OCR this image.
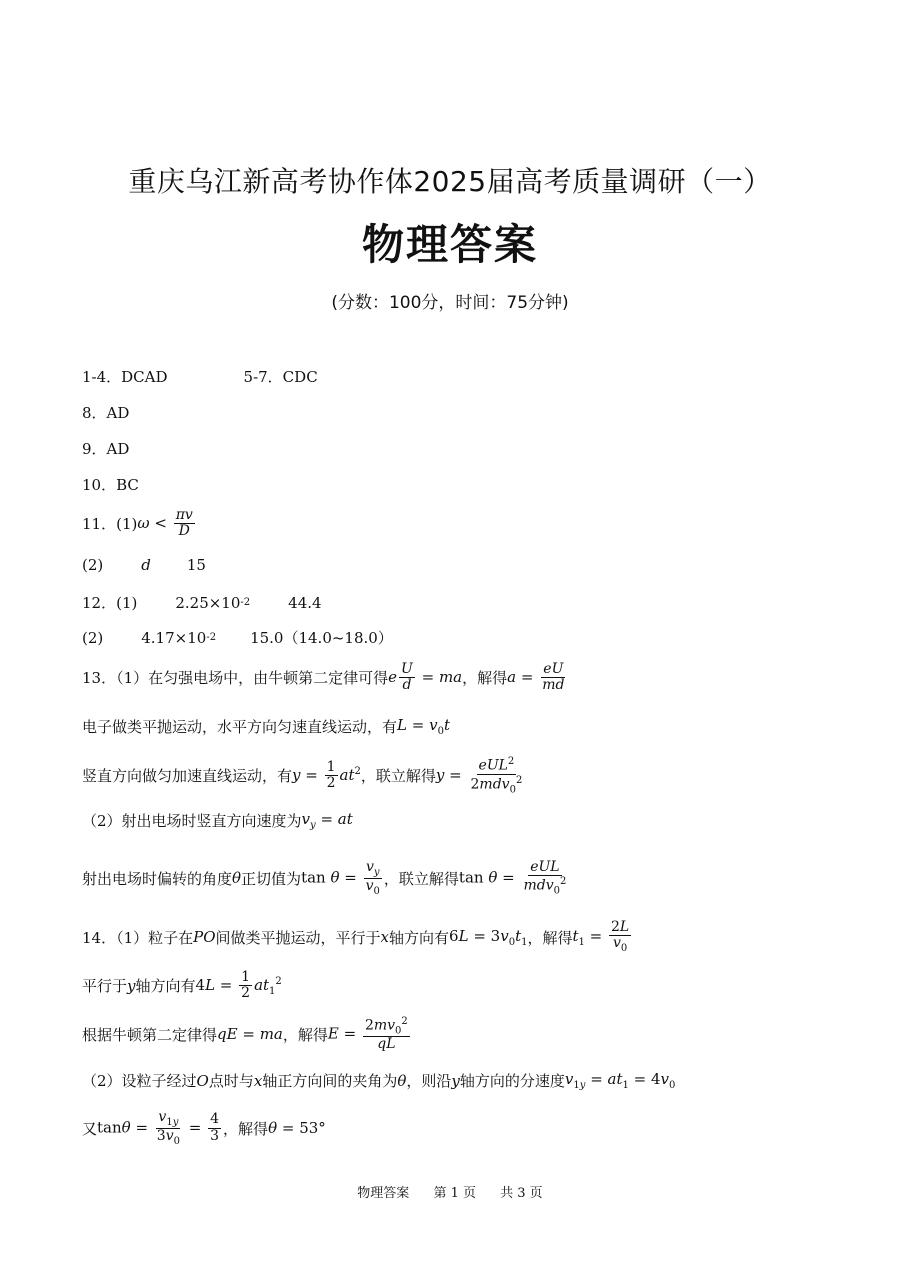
重庆乌江新高考协作体2025届高考质量调研（一）
物理答案
(分数：100分，时间：75分钟)
1-4．DCAD	5-7．CDC
8．AD
9．AD
10．BC
11．(1) $\omega < \frac{\pi v}{D}$
(2)	d 15
12．(1)	2.25×10 -2	44.4
(2)	4.17×10 -2 15.0（14.0~18.0）
13．（1）在匀强电场中，由牛顿第二定律可得 e $\frac{U}{d}$ = ma ，解得 $a = \frac{eU}{md}$
电子做类平抛运动，水平方向匀速直线运动，有 $L = v_0t$
竖直方向做匀加速直线运动，有 $y = \frac{1}{2} at^2$ ，联立解得 $y = \frac{eUL^2}{2mdv_0^2}$
（2）射出电场时竖直方向速度为 $v_y$ = at
射出电场时偏转的角度 θ 正切值为 $\tan \theta = \frac{v_y}{v_0}$ ，联立解得 $\tan \theta = \frac{\text{eUL}}{mdv_0^2}$
14．（1）粒子在 PO 间做类平抛运动，平行于 x 轴方向有 $6L = 3v_0t_1$ ，解得 $t_1 = \frac{2L}{v_0}$
平行于 y 轴方向有 $4L = \frac{1}{2} at_1^2$
根据牛顿第二定律得 qE = ma ，解得 $E = \frac{2mv_0^2}{qL}$
（2）设粒子经过 O 点时与 x 轴正方向间的夹角为 θ ，则沿 y 轴方向的分速度 $v_{1y} = at_1 = 4v_0$
又 $\tan\theta = \frac{v_{1y}}{3v_0} = \frac{4}{3}$ ，解得 θ = 53°
物理答案 第 1 页 共 3 页
